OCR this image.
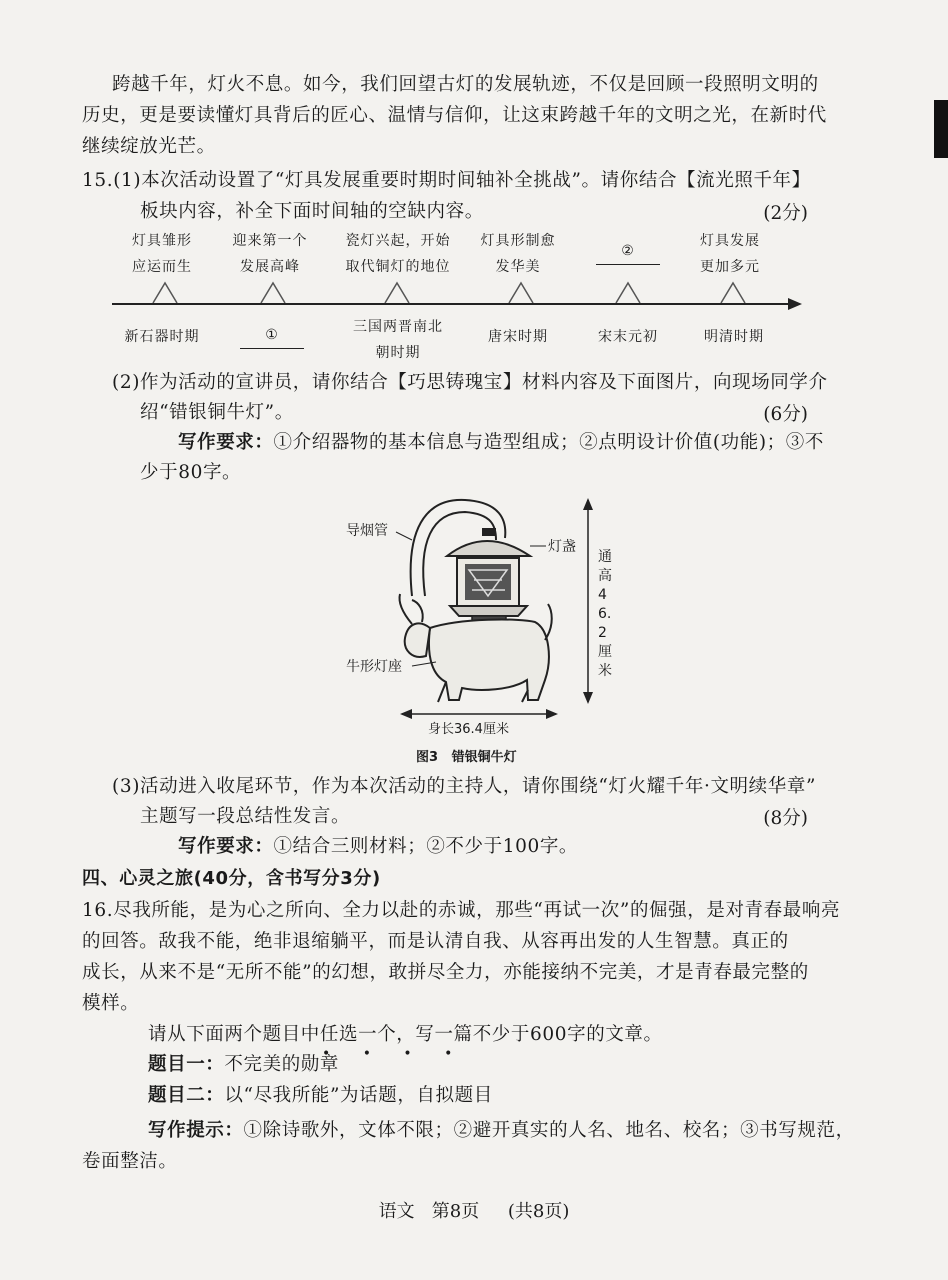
跨越千年，灯火不息。如今，我们回望古灯的发展轨迹，不仅是回顾一段照明文明的
历史，更是要读懂灯具背后的匠心、温情与信仰，让这束跨越千年的文明之光，在新时代
继续绽放光芒。
15.(1)本次活动设置了“灯具发展重要时期时间轴补全挑战”。请你结合【流光照千年】
板块内容，补全下面时间轴的空缺内容。	(2分)
灯具雏形
应运而生
迎来第一个
发展高峰
瓷灯兴起，开始
取代铜灯的地位
灯具形制愈
发华美
②
灯具发展
更加多元
新石器时期	①	三国两晋南北
朝时期
唐宋时期	宋末元初	明清时期
(2)作为活动的宣讲员，请你结合【巧思铸瑰宝】材料内容及下面图片，向现场同学介
绍“错银铜牛灯”。	(6分)
写作要求：①介绍器物的基本信息与造型组成；②点明设计价值(功能)；③不
少于80字。
导烟管
灯盏
牛形灯座
通高46.2厘米
身长36.4厘米
图3 错银铜牛灯
(3)活动进入收尾环节，作为本次活动的主持人，请你围绕“灯火耀千年·文明续华章”
主题写一段总结性发言。	(8分)
写作要求：①结合三则材料；②不少于100字。
四、心灵之旅(40分，含书写分3分)
16.尽我所能，是为心之所向、全力以赴的赤诚，那些“再试一次”的倔强，是对青春最响亮
的回答。敌我不能，绝非退缩躺平，而是认清自我、从容再出发的人生智慧。真正的
成长，从来不是“无所不能”的幻想，敢拼尽全力，亦能接纳不完美，才是青春最完整的
模样。
请从下面两个题目中任选一个，写一篇不少于600字的文章。
• • • •
题目一：不完美的勋章
题目二：以“尽我所能”为话题，自拟题目
写作提示：①除诗歌外，文体不限；②避开真实的人名、地名、校名；③书写规范，
卷面整洁。
语文 第8页 (共8页)
